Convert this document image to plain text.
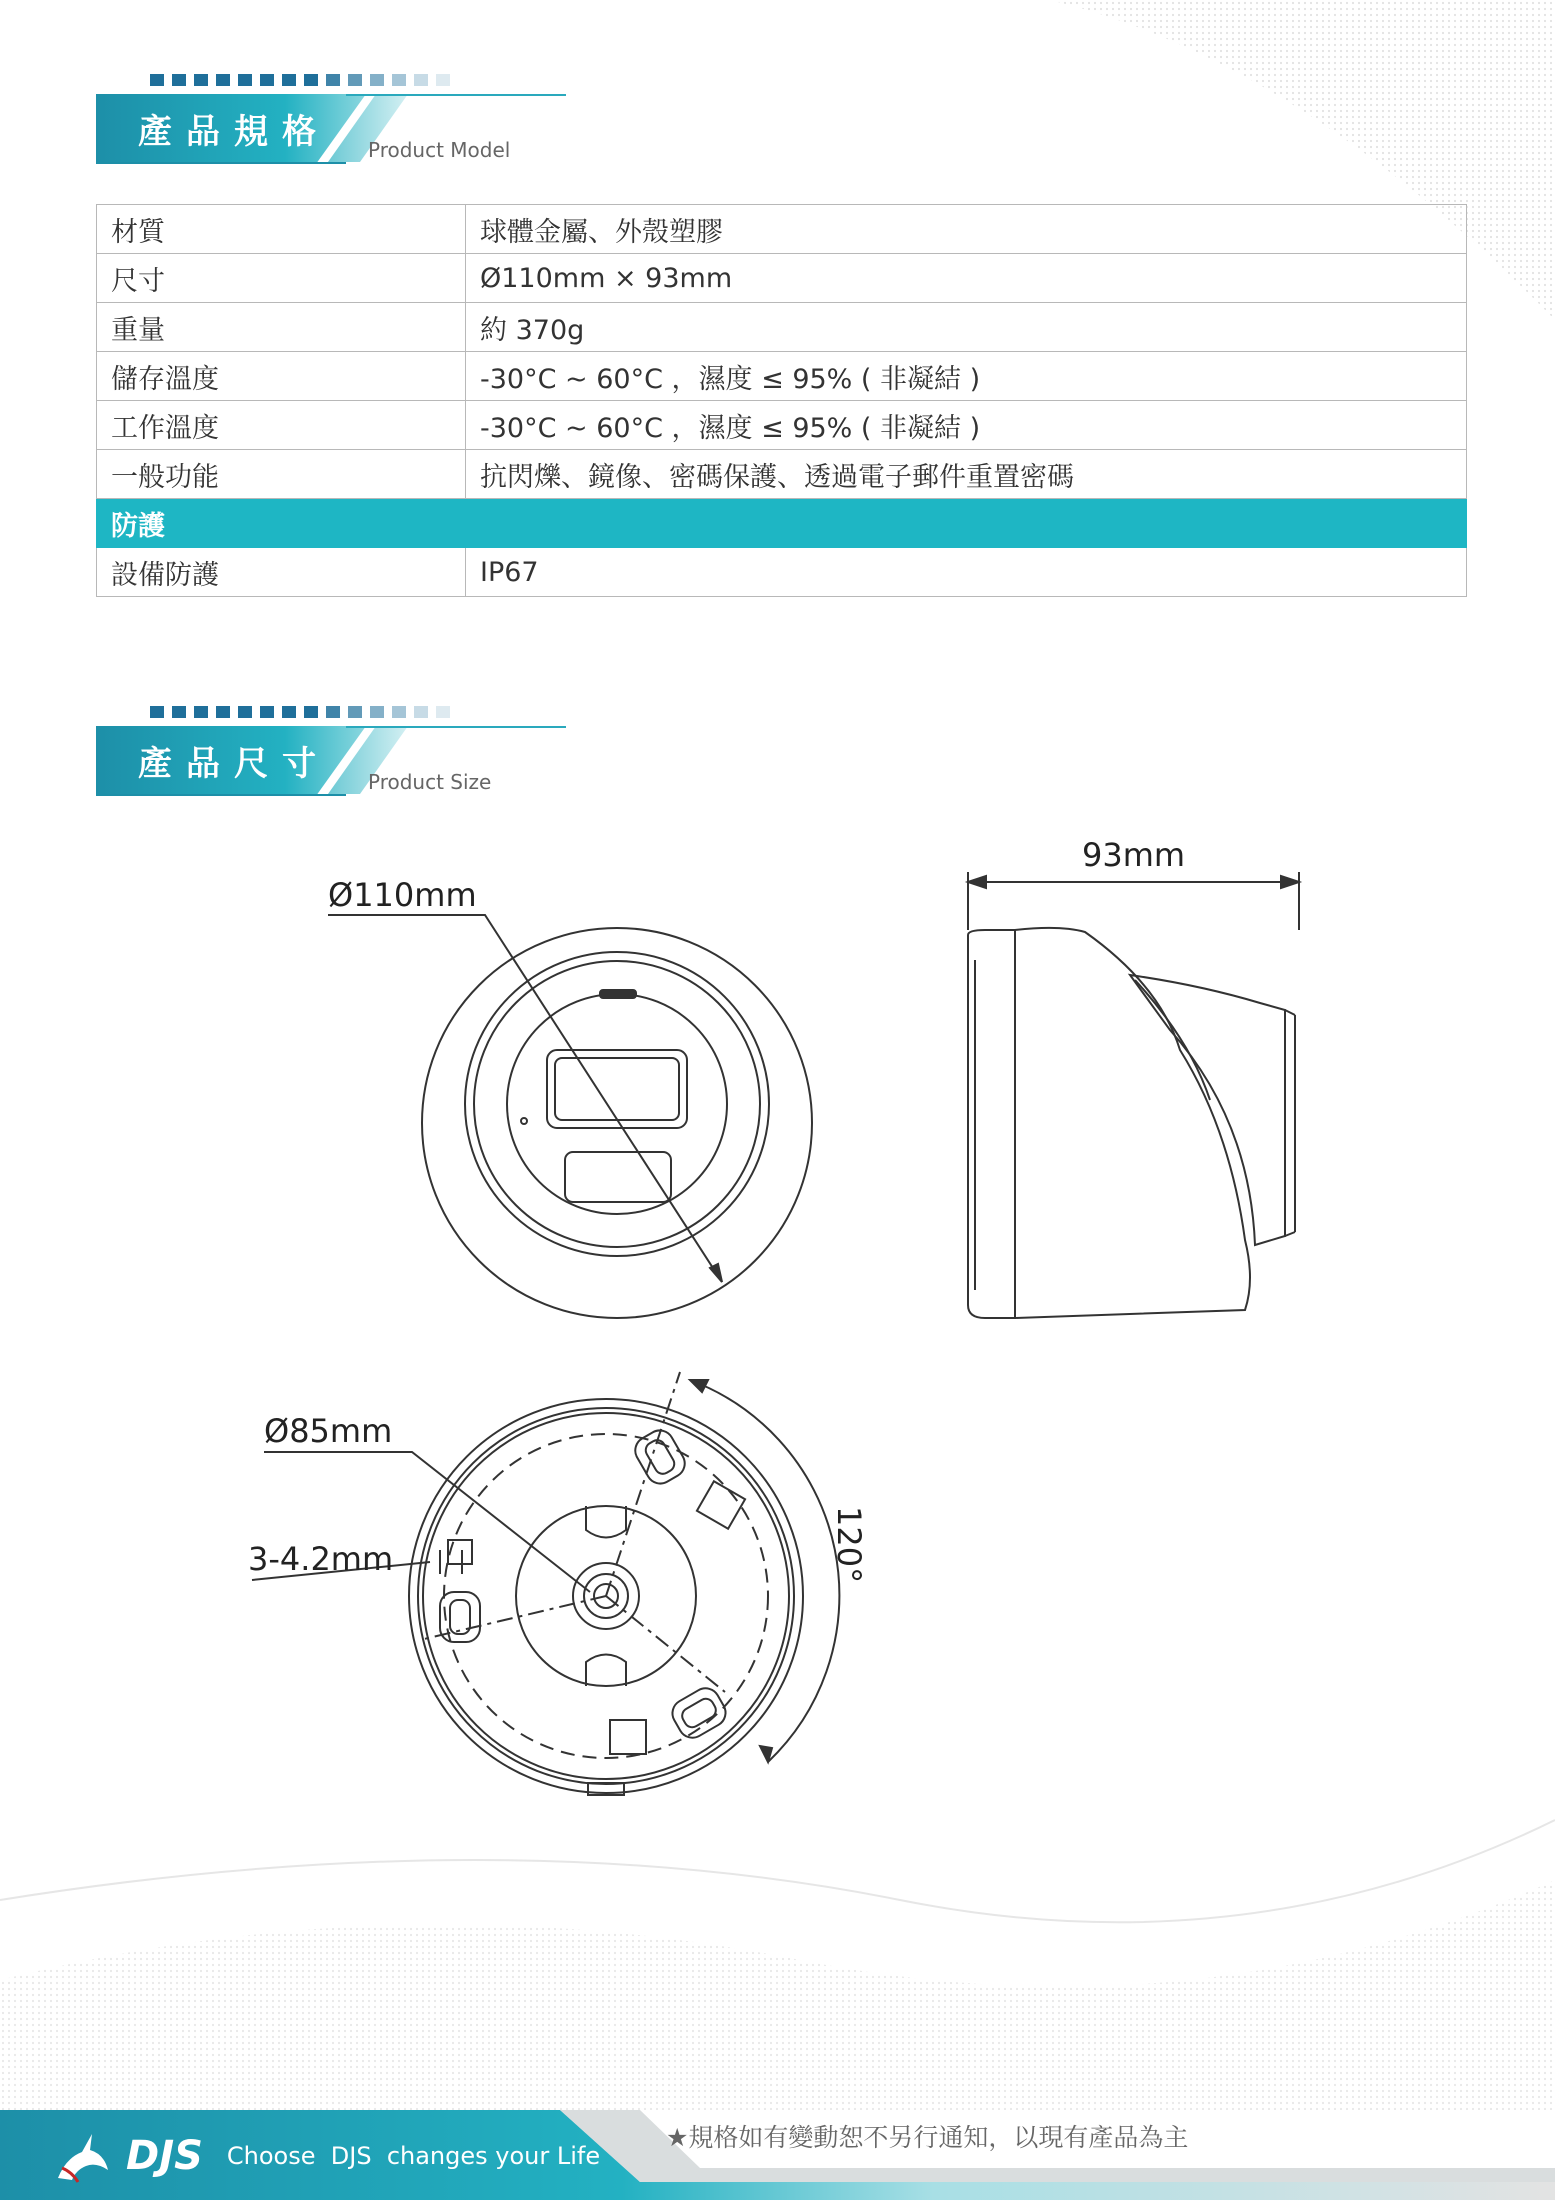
產品規格 Product Model
材質	球體金屬、外殼塑膠
尺寸	Ø110mm × 93mm
重量	約 370g
儲存溫度	-30°C ~ 60°C ，濕度 ≤ 95% ( 非凝結 )
工作溫度	-30°C ~ 60°C ，濕度 ≤ 95% ( 非凝結 )
一般功能	抗閃爍、鏡像、密碼保護、透過電子郵件重置密碼
防護	
設備防護	IP67
產品尺寸 Product Size
Ø110mm
93mm
Ø85mm
3-4.2mm	120°
DJS Choose  DJS  changes your Life
★規格如有變動恕不另行通知，以現有產品為主
